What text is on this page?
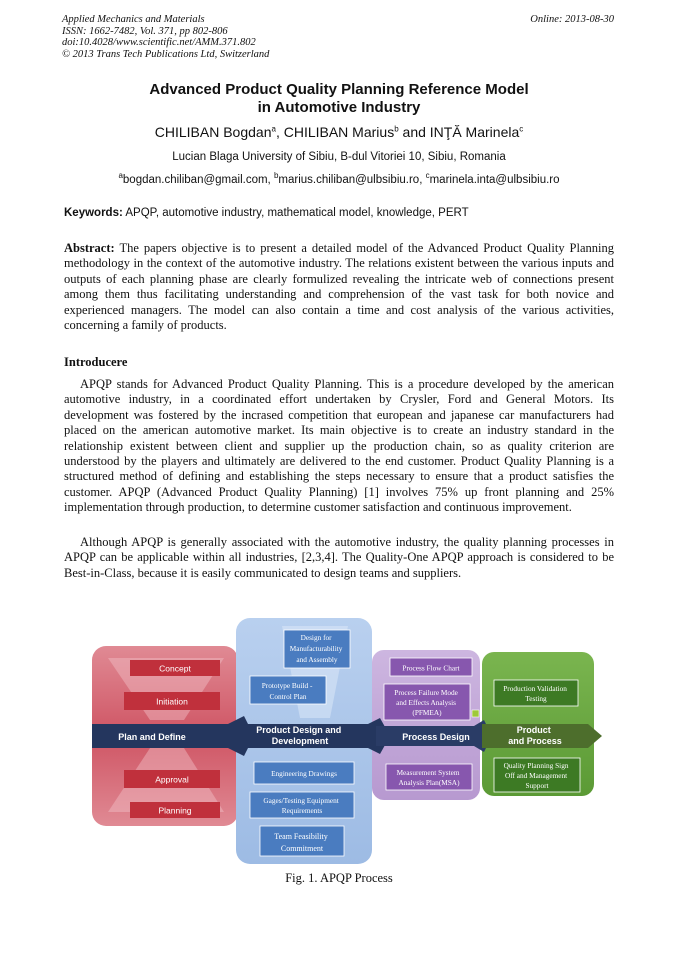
Applied Mechanics and Materials
ISSN: 1662-7482, Vol. 371, pp 802-806
doi:10.4028/www.scientific.net/AMM.371.802
© 2013 Trans Tech Publications Ltd, Switzerland
Online: 2013-08-30
Advanced Product Quality Planning Reference Model
in Automotive Industry
CHILIBAN Bogdan$^a$, CHILIBAN Marius$^b$ and INŢĂ Marinela$^c$
Lucian Blaga University of Sibiu, B-dul Vitoriei 10, Sibiu, Romania
$^a$bogdan.chiliban@gmail.com, $^b$marius.chiliban@ulbsibiu.ro, $^c$marinela.inta@ulbsibiu.ro
Keywords: APQP, automotive industry, mathematical model, knowledge, PERT

Abstract: The papers objective is to present a detailed model of the Advanced Product Quality Planning methodology in the context of the automotive industry. The relations existent between the various inputs and outputs of each planning phase are clearly formulized revealing the intricate web of connections present among them thus facilitating understanding and comprehension of the vast task for both novice and experienced managers. The model can also contain a time and cost analysis of the various activities, concerning a family of products.

Introducere

APQP stands for Advanced Product Quality Planning. This is a procedure developed by the american automotive industry, in a coordinated effort undertaken by Crysler, Ford and General Motors. Its development was fostered by the incrased competition that european and japanese car manufacturers had placed on the american automotive market. Its main objective is to create an industry standard in the relationship existent between client and supplier up the production chain, so as quality criterion are understood by the players and ultimately are delivered to the end customer. Product Quality Planning is a structured method of defining and establishing the steps necessary to ensure that a product satisfies the customer. APQP (Advanced Product Quality Planning) [1] involves 75% up front planning and 25% implementation through production, to determine customer satisfaction and continuous improvement.

Although APQP is generally associated with the automotive industry, the quality planning processes in APQP can be applicable within all industries, [2,3,4]. The Quality-One APQP approach is considered to be Best-in-Class, because it is easily communicated to design teams and suppliers.

Concept
Initiation
Approval
Planning
Plan and Define
Product Design and Development	Process Design
Product and Process
Design for Manufacturability and Assembly
Prototype Build - Control Plan
Engineering Drawings
Gages/Testing Equipment Requirements
Team Feasibility Commitment
Process Flow Chart
Process Failure Mode and Effects Analysis (PFMEA)
Measurement System Analysis Plan(MSA)
Production Validation Testing
Quality Planning Sign Off and Management Support
Fig. 1. APQP Process
